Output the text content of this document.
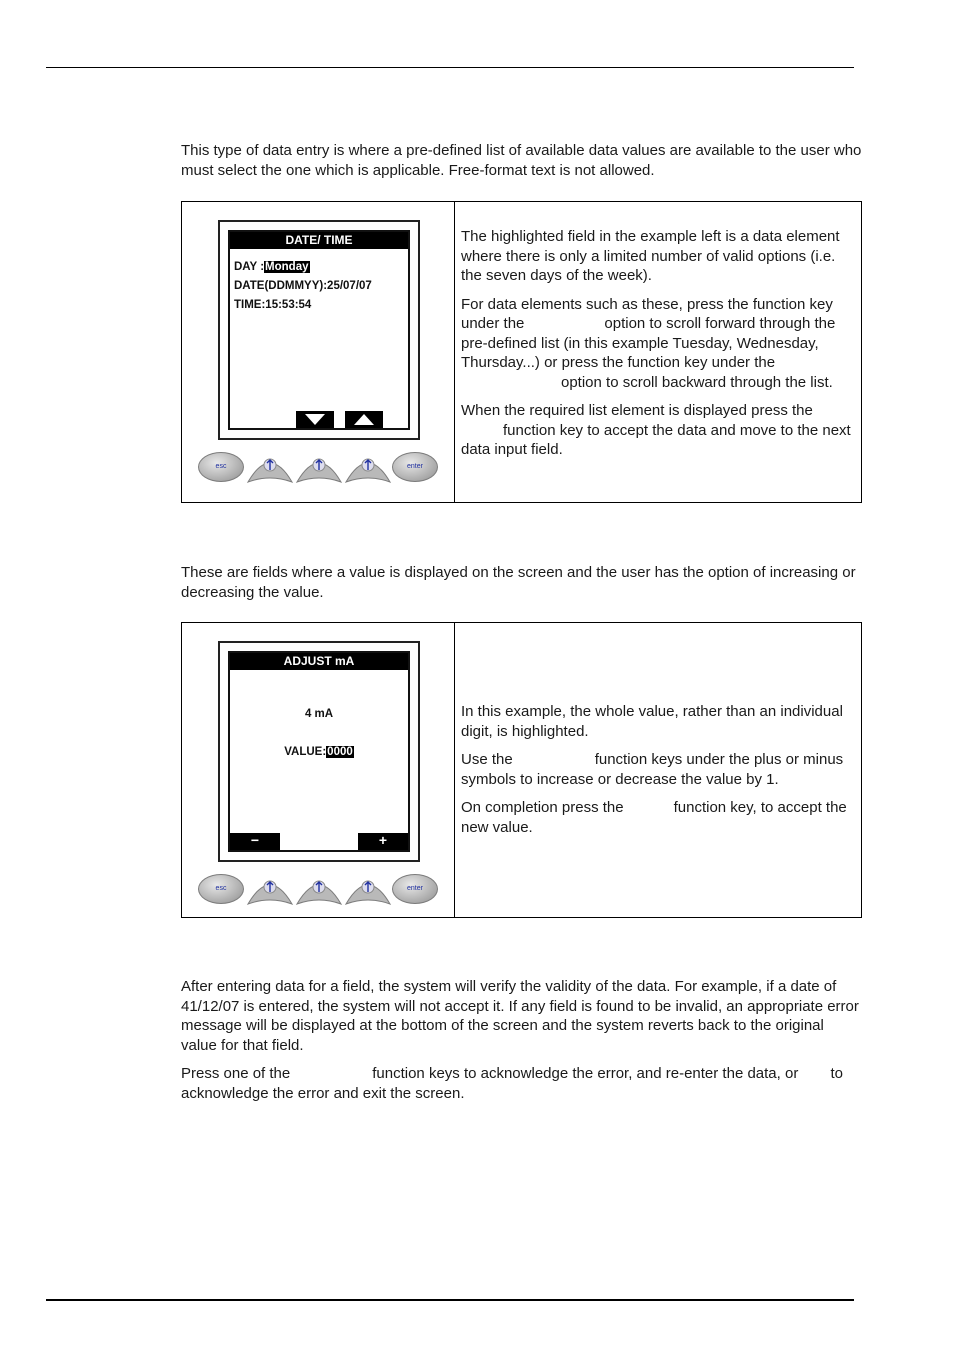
This type of data entry is where a pre-defined list of available data values are available to the user who must select the one which is applicable. Free-format text is not allowed.

DATE/ TIME
DAY :Monday
DATE(DDMMYY):25/07/07
TIME:15:53:54
esc	enter

The highlighted field in the example left is a data element where there is only a limited number of valid options (i.e. the seven days of the week).

For data elements such as these, press the function key under the	option to scroll forward through the pre-defined list (in this example Tuesday, Wednesday, Thursday...) or press the function key under theoption to scroll backward through the list.

When the required list element is displayed press the function key to accept the data and move to the next data input field.

These are fields where a value is displayed on the screen and the user has the option of increasing or decreasing the value.

ADJUST mA
4 mA
VALUE:0000
−	+
esc	enter

In this example, the whole value, rather than an individual digit, is highlighted.

Use the	function keys under the plus or minus symbols to increase or decrease the value by 1.

On completion press the	function key, to accept the new value.

After entering data for a field, the system will verify the validity of the data. For example, if a date of 41/12/07 is entered, the system will not accept it. If any field is found to be invalid, an appropriate error message will be displayed at the bottom of the screen and the system reverts back to the original value for that field.

Press one of the	function keys to acknowledge the error, and re-enter the data, or to acknowledge the error and exit the screen.
